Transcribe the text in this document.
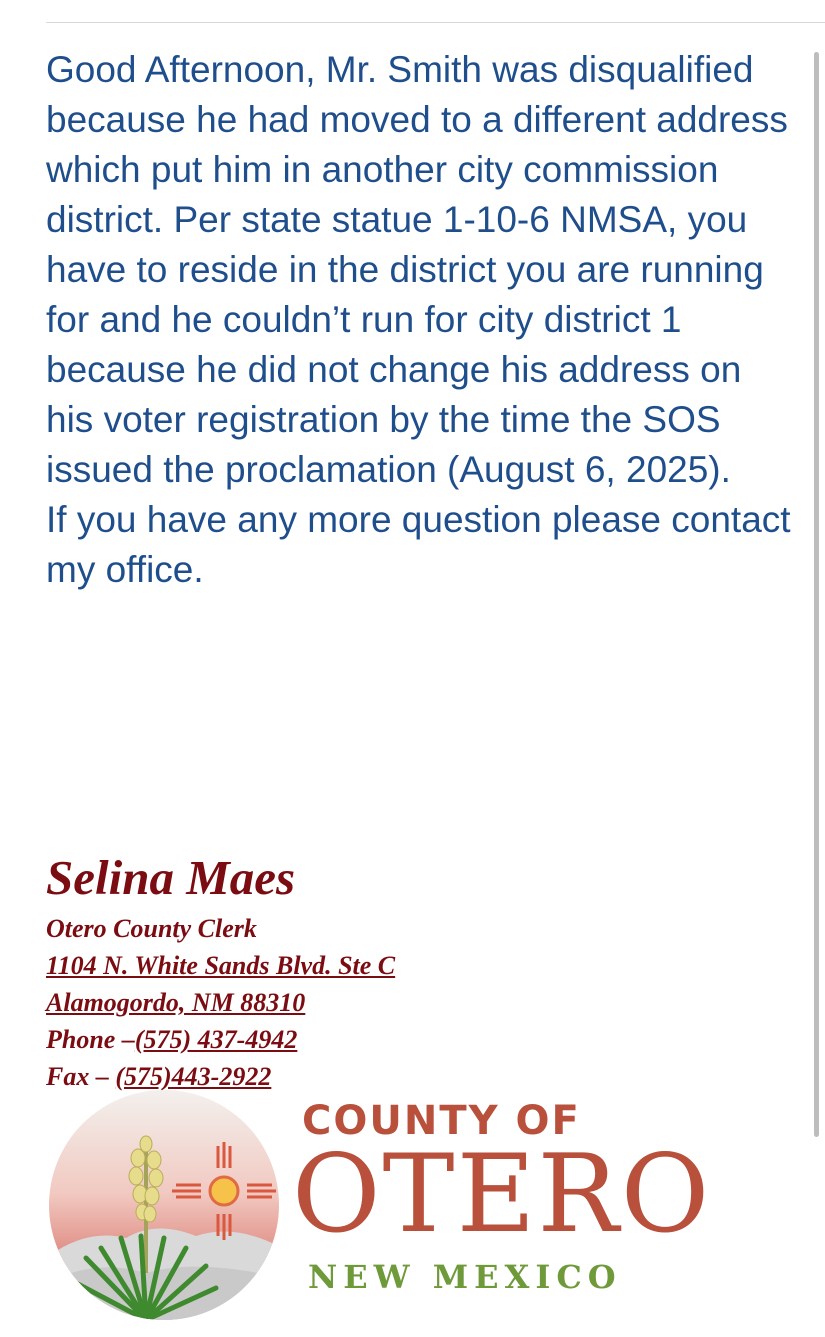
Good Afternoon, Mr. Smith was disqualified because he had moved to a different address which put him in another city commission district. Per state statue 1-10-6 NMSA, you have to reside in the district you are running for and he couldn’t run for city district 1 because he did not change his address on his voter registration by the time the SOS issued the proclamation (August 6, 2025).

If you have any more question please contact my office.

Selina Maes
Otero County Clerk
1104 N. White Sands Blvd. Ste C
Alamogordo, NM 88310
Phone –(575) 437-4942
Fax – (575)443-2922
COUNTY OF
OTERO
NEW MEXICO
